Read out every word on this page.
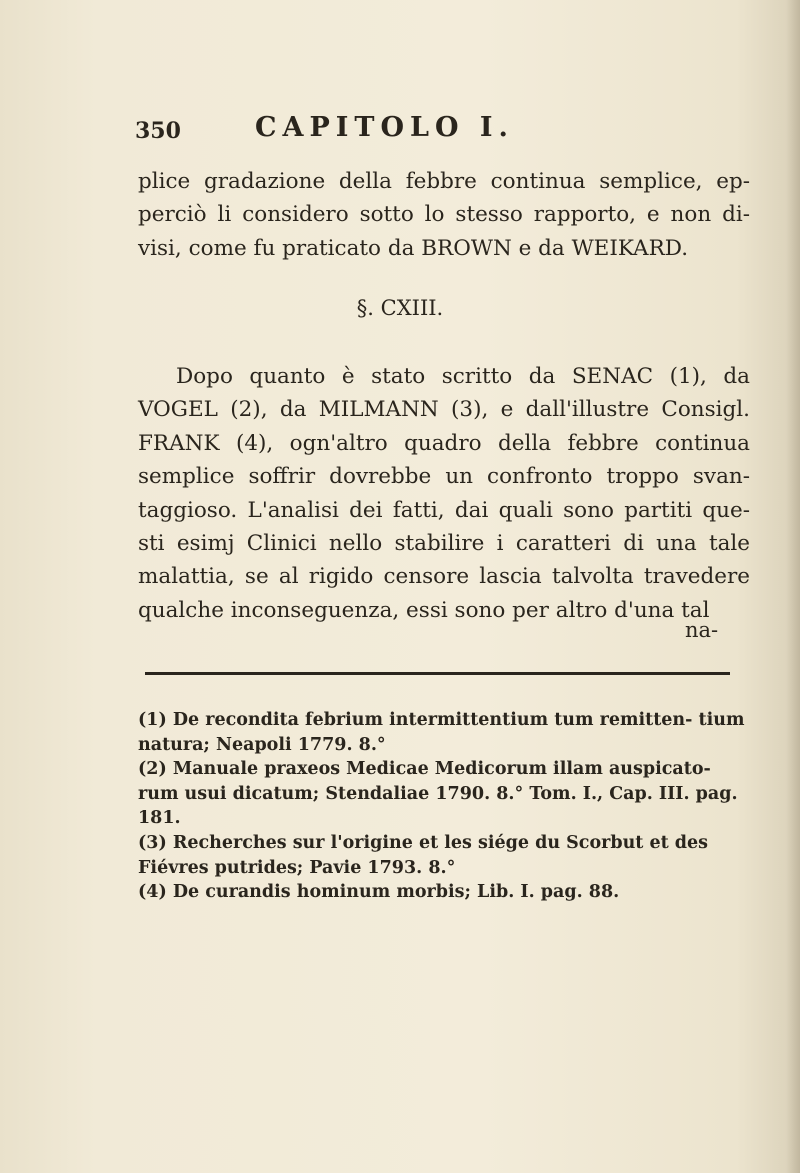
350	CAPITOLO I.

plice gradazione della febbre continua semplice, ep- perciò li considero sotto lo stesso rapporto, e non di- visi, come fu praticato da BROWN e da WEIKARD.

§. CXIII.

Dopo quanto è stato scritto da SENAC (1), da VOGEL (2), da MILMANN (3), e dall'illustre Consigl. FRANK (4), ogn'altro quadro della febbre continua semplice soffrir dovrebbe un confronto troppo svan- taggioso. L'analisi dei fatti, dai quali sono partiti que- sti esimj Clinici nello stabilire i caratteri di una tale malattia, se al rigido censore lascia talvolta travedere qualche inconseguenza, essi sono per altro d'una tal

na-

(1) De recondita febrium intermittentium tum remitten- tium natura; Neapoli 1779. 8.°

(2) Manuale praxeos Medicae Medicorum illam auspicato- rum usui dicatum; Stendaliae 1790. 8.° Tom. I., Cap. III. pag. 181.

(3) Recherches sur l'origine et les siége du Scorbut et des Fiévres putrides; Pavie 1793. 8.°

(4) De curandis hominum morbis; Lib. I. pag. 88.
